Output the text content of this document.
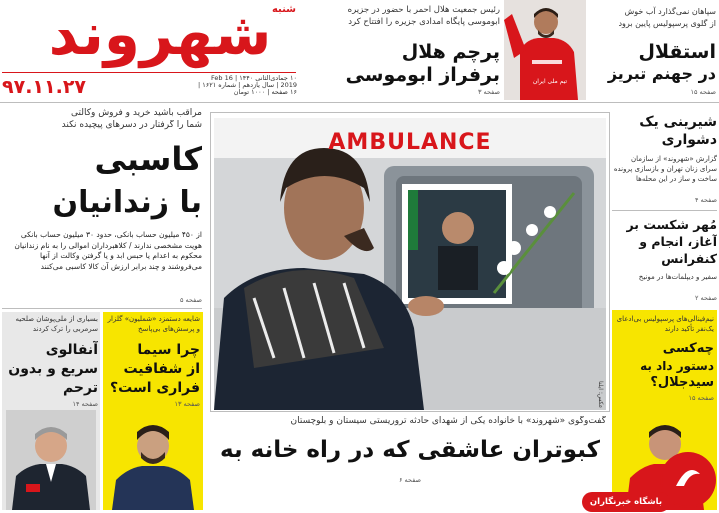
شهروند شنبه
۹۷.۱۱.۲۷	۱۰ جمادی‌الثانی ۱۴۴۰ | 16 Feb 2019 | سال یازدهم | شماره ۱۶۲۱ | ۱۶ صفحه | ۱۰۰۰ تومان
رئیس جمعیت هلال احمر با حضور در جزیره ابوموسی پایگاه امدادی جزیره را افتتاح کرد
پرچم هلال
برفراز ابوموسی
صفحه ۳
تیم ملی ایران
سپاهان نمی‌گذارد آب خوش
از گلوی پرسپولیس پایین برود
استقلال
در جهنم تبریز
صفحه ۱۵
مراقب باشید خرید و فروش وکالتی
شما را گرفتار در دسرهای پیچیده نکند
کاسبی
با زندانیان
از ۴۵۰ میلیون حساب بانکی، حدود ۳۰ میلیون حساب بانکی هویت مشخصی ندارند / کلاهبرداران اموالی را به نام زندانیان محکوم به اعدام یا حبس ابد و یا گرفتن وکالت از آنها می‌فروشند و چند برابر ارزش آن کالا کاسبی می‌کنند
صفحه ۵
بسیاری از ملی‌پوشان صلحیه سرمربی را ترک کردند
آنفالوی
سریع و بدون
ترحم
صفحه ۱۴
شایعه دستمزد «شملیون» گلزار و پرسش‌های بی‌پاسخ
چرا سیما
از شفافیت
فراری است؟
صفحه ۱۳
AMBULANCE
عکس: ایلنا
گفت‌وگوی «شهروند» با خانواده یکی از شهدای حادثه تروریستی سیستان و بلوچستان
کبوتران عاشقی که در راه خانه به
صفحه ۶
شیرینی یک
دشواری
گزارش «شهروند» از سازمان سرای زنان تهران و بازسازی پرونده ساخت و ساز در این محله‌ها
صفحه ۴
مُهر شکست بر
آغاز، انجام و
کنفرانس
سفیر و دیپلمات‌ها در مونیخ
صفحه ۲
نیم‌فینالی‌های پرسپولیس بی‌ادعای یک‌نفر تأکید دارند
چه‌کسی
دستور داد به
سیدجلال؟
صفحه ۱۵
باشگاه خبرنگاران
